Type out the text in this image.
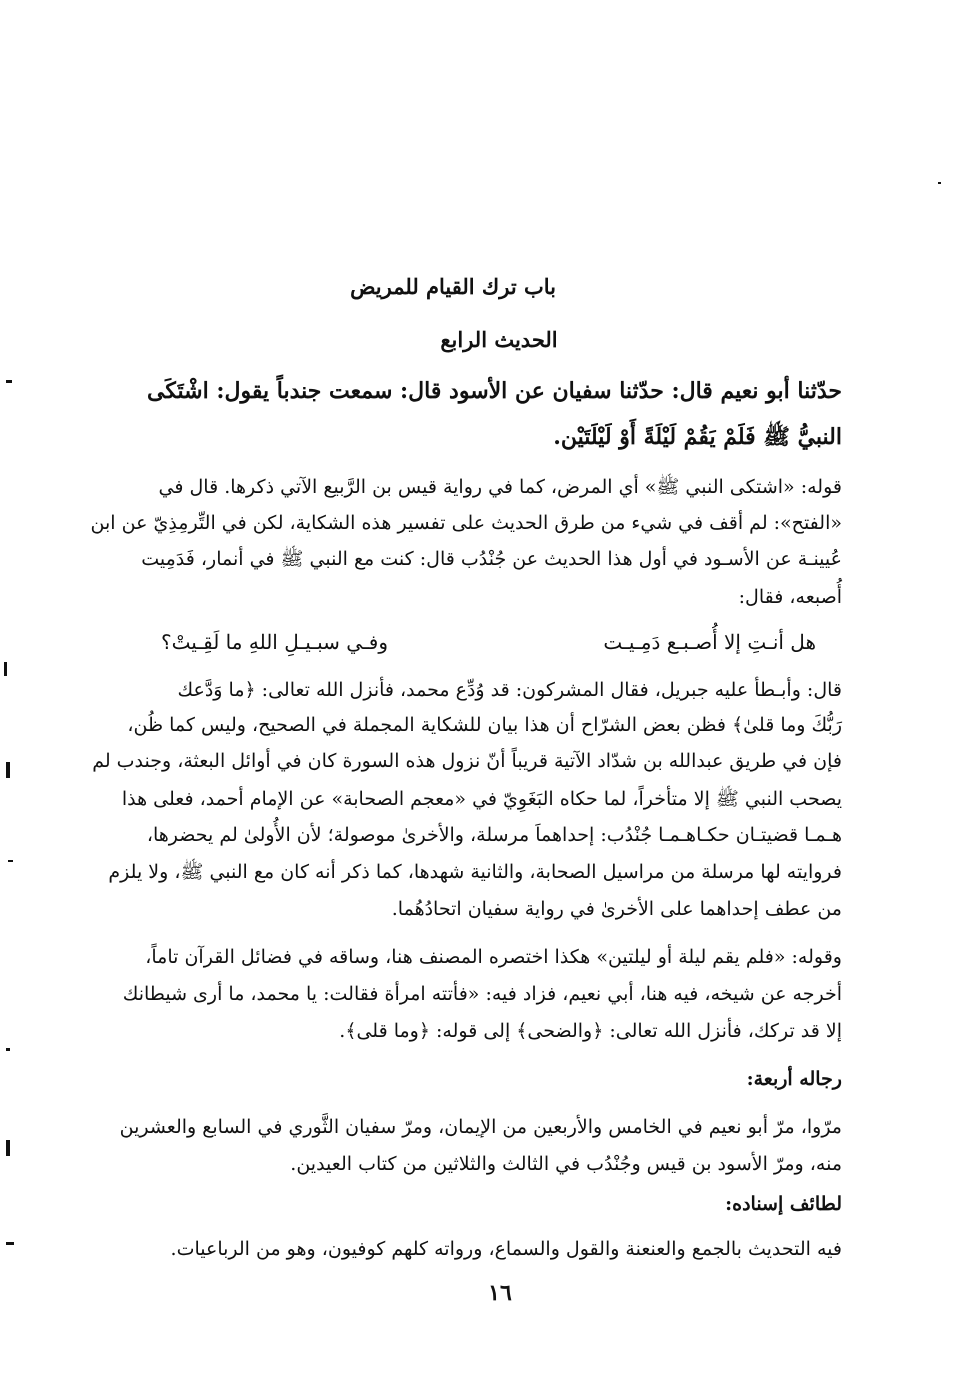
باب ترك القيام للمريض
الحديث الرابع
حدّثنا أبو نعيم قال: حدّثنا سفيان عن الأسود قال: سمعت جندباً يقول: اشْتَكَى
النبيُّ ﷺ فَلَمْ يَقُمْ لَيْلَةً أَوْ لَيْلَتَيْن.
قوله: «اشتكى النبي ﷺ» أي المرض، كما في رواية قيس بن الرَّبيع الآتي ذكرها. قال في
«الفتح»: لم أقف في شيء من طرق الحديث على تفسير هذه الشكاية، لكن في التِّرمِذِيّ عن ابن
عُيينـة عن الأسـود في أول هذا الحديث عن جُنْدُب قال: كنت مع النبي ﷺ في أنمار، فَدَمِيت
أُصبعه، فقال:
هل أنـتِ إلا أُصـبـع دَمِـيـت
وفـي سبـيـلِ اللهِ ما لَقِـيتْ؟
قال: وأبـطأ عليه جبريل، فقال المشركون: قد وُدِّع محمد، فأنزل الله تعالى: ﴿ما وَدَّعك
رَبُّكَ وما قلىٰ﴾ فظن بعض الشرّاح أن هذا بيان للشكاية المجملة في الصحيح، وليس كما ظُن،
فإن في طريق عبدالله بن شدّاد الآتية قريباً أنّ نزول هذه السورة كان في أوائل البعثة، وجندب لم
يصحب النبي ﷺ إلا متأخراً، لما حكاه البَغَوِيّ في «معجم الصحابة» عن الإمام أحمد، فعلى هذا
هـمـا قضيتـان حكـاهـمـا جُنْدُب: إحداهماَ مرسلة، والأخرىٰ موصولة؛ لأن الأُولىٰ لم يحضرها،
فروايته لها مرسلة من مراسيل الصحابة، والثانية شهدها، كما ذكر أنه كان مع النبي ﷺ، ولا يلزم
من عطف إحداهما على الأخرىٰ في رواية سفيان اتحادُهُما.
وقوله: «فلم يقم ليلة أو ليلتين» هكذا اختصره المصنف هنا، وساقه في فضائل القرآن تاماً،
أخرجه عن شيخه، فيه هنا، أبي نعيم، فزاد فيه: «فأتته امرأة فقالت: يا محمد، ما أرى شيطانك
إلا قد تركك، فأنزل الله تعالى: ﴿والضحى﴾ إلى قوله: ﴿وما قلى﴾.
رجاله أربعة:
مرّوا، مرّ أبو نعيم في الخامس والأربعين من الإيمان، ومرّ سفيان الثَّوري في السابع والعشرين
منه، ومرّ الأسود بن قيس وجُنْدُب في الثالث والثلاثين من كتاب العيدين.
لطائف إسناده:
فيه التحديث بالجمع والعنعنة والقول والسماع، ورواته كلهم كوفيون، وهو من الرباعيات.
١٦
